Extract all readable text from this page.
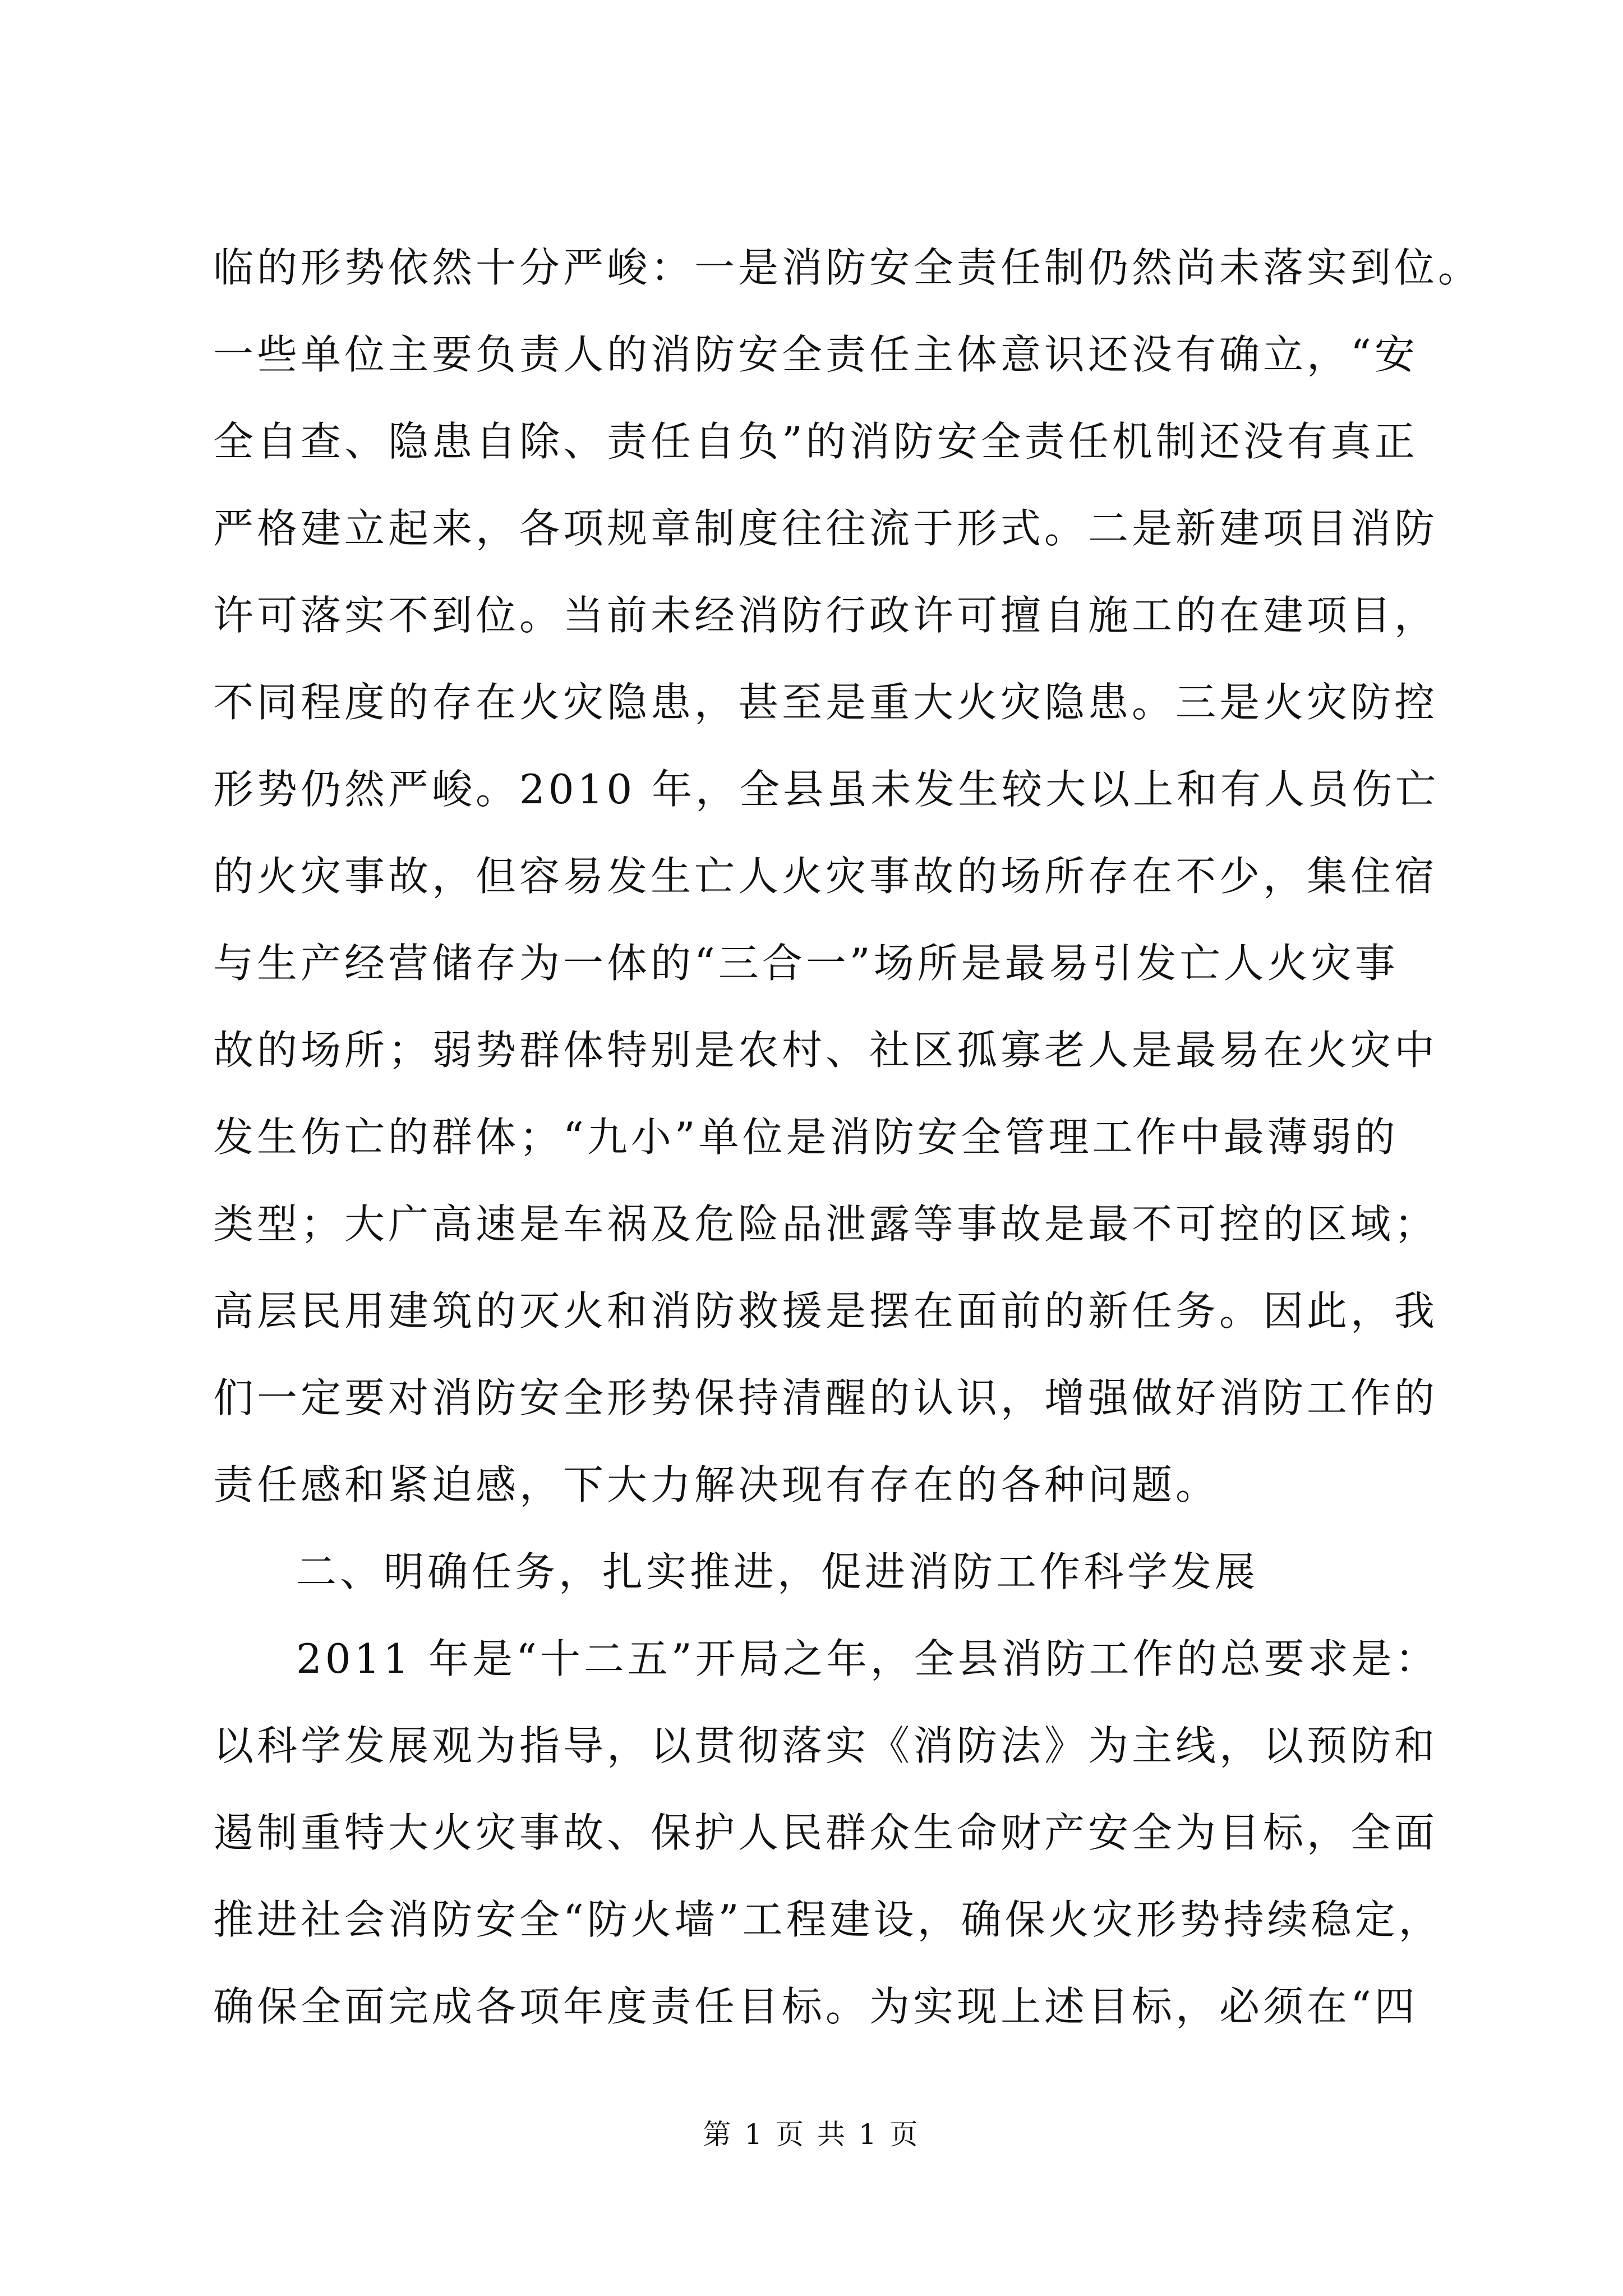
临的形势依然十分严峻：一是消防安全责任制仍然尚未落实到位。
一些单位主要负责人的消防安全责任主体意识还没有确立，“安
全自查、隐患自除、责任自负”的消防安全责任机制还没有真正
严格建立起来，各项规章制度往往流于形式。二是新建项目消防
许可落实不到位。当前未经消防行政许可擅自施工的在建项目，
不同程度的存在火灾隐患，甚至是重大火灾隐患。三是火灾防控
形势仍然严峻。2010 年，全县虽未发生较大以上和有人员伤亡
的火灾事故，但容易发生亡人火灾事故的场所存在不少，集住宿
与生产经营储存为一体的“三合一”场所是最易引发亡人火灾事
故的场所；弱势群体特别是农村、社区孤寡老人是最易在火灾中
发生伤亡的群体；“九小”单位是消防安全管理工作中最薄弱的
类型；大广高速是车祸及危险品泄露等事故是最不可控的区域；
高层民用建筑的灭火和消防救援是摆在面前的新任务。因此，我
们一定要对消防安全形势保持清醒的认识，增强做好消防工作的
责任感和紧迫感，下大力解决现有存在的各种问题。
二、明确任务，扎实推进，促进消防工作科学发展
2011 年是“十二五”开局之年，全县消防工作的总要求是：
以科学发展观为指导，以贯彻落实《消防法》为主线，以预防和
遏制重特大火灾事故、保护人民群众生命财产安全为目标，全面
推进社会消防安全“防火墙”工程建设，确保火灾形势持续稳定，
确保全面完成各项年度责任目标。为实现上述目标，必须在“四
第 1 页 共 1 页
